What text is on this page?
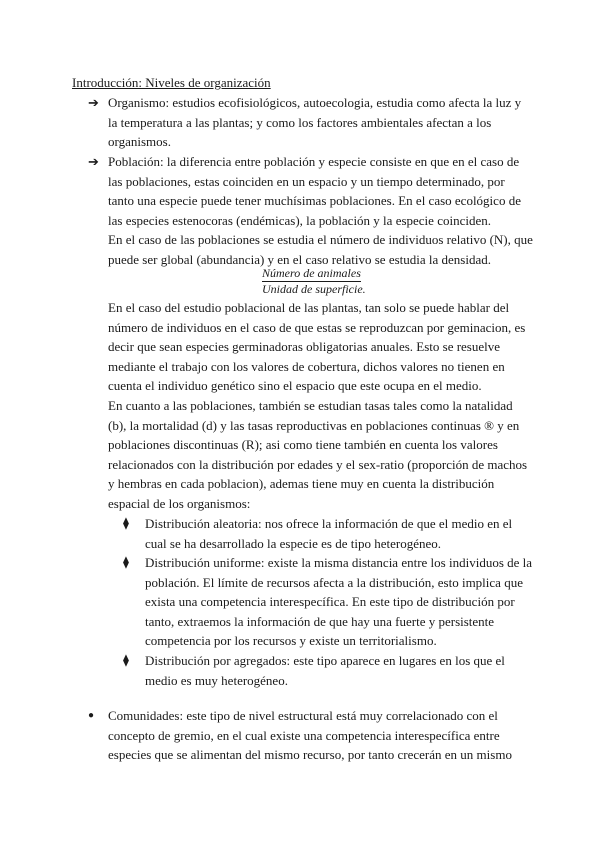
Introducción: Niveles de organización
➔ Organismo: estudios ecofisiológicos, autoecologia, estudia como afecta la luz y la temperatura a las plantas; y como los factores ambientales afectan a los organismos.

➔ Población: la diferencia entre población y especie consiste en que en el caso de las poblaciones, estas coinciden en un espacio y un tiempo determinado, por tanto una especie puede tener muchísimas poblaciones. En el caso ecológico de las especies estenocoras (endémicas), la población y la especie coinciden.

En el caso de las poblaciones se estudia el número de individuos relativo (N), que puede ser global (abundancia) y en el caso relativo se estudia la densidad.

Número de animales
Unidad de superficie.

En el caso del estudio poblacional de las plantas, tan solo se puede hablar del número de individuos en el caso de que estas se reproduzcan por geminacion, es decir que sean especies germinadoras obligatorias anuales. Esto se resuelve mediante el trabajo con los valores de cobertura, dichos valores no tienen en cuenta el individuo genético sino el espacio que este ocupa en el medio.

En cuanto a las poblaciones, también se estudian tasas tales como la natalidad (b), la mortalidad (d) y las tasas reproductivas en poblaciones continuas ® y en poblaciones discontinuas (R); asi como tiene también en cuenta los valores relacionados con la distribución por edades y el sex-ratio (proporción de machos y hembras en cada poblacion), ademas tiene muy en cuenta la distribución espacial de los organismos:

⧫ Distribución aleatoria: nos ofrece la información de que el medio en el cual se ha desarrollado la especie es de tipo heterogéneo.

⧫ Distribución uniforme: existe la misma distancia entre los individuos de la población. El límite de recursos afecta a la distribución, esto implica que exista una competencia interespecífica. En este tipo de distribución por tanto, extraemos la información de que hay una fuerte y persistente competencia por los recursos y existe un territorialismo.

⧫ Distribución por agregados: este tipo aparece en lugares en los que el medio es muy heterogéneo.

● Comunidades: este tipo de nivel estructural está muy correlacionado con el concepto de gremio, en el cual existe una competencia interespecífica entre especies que se alimentan del mismo recurso, por tanto crecerán en un mismo
